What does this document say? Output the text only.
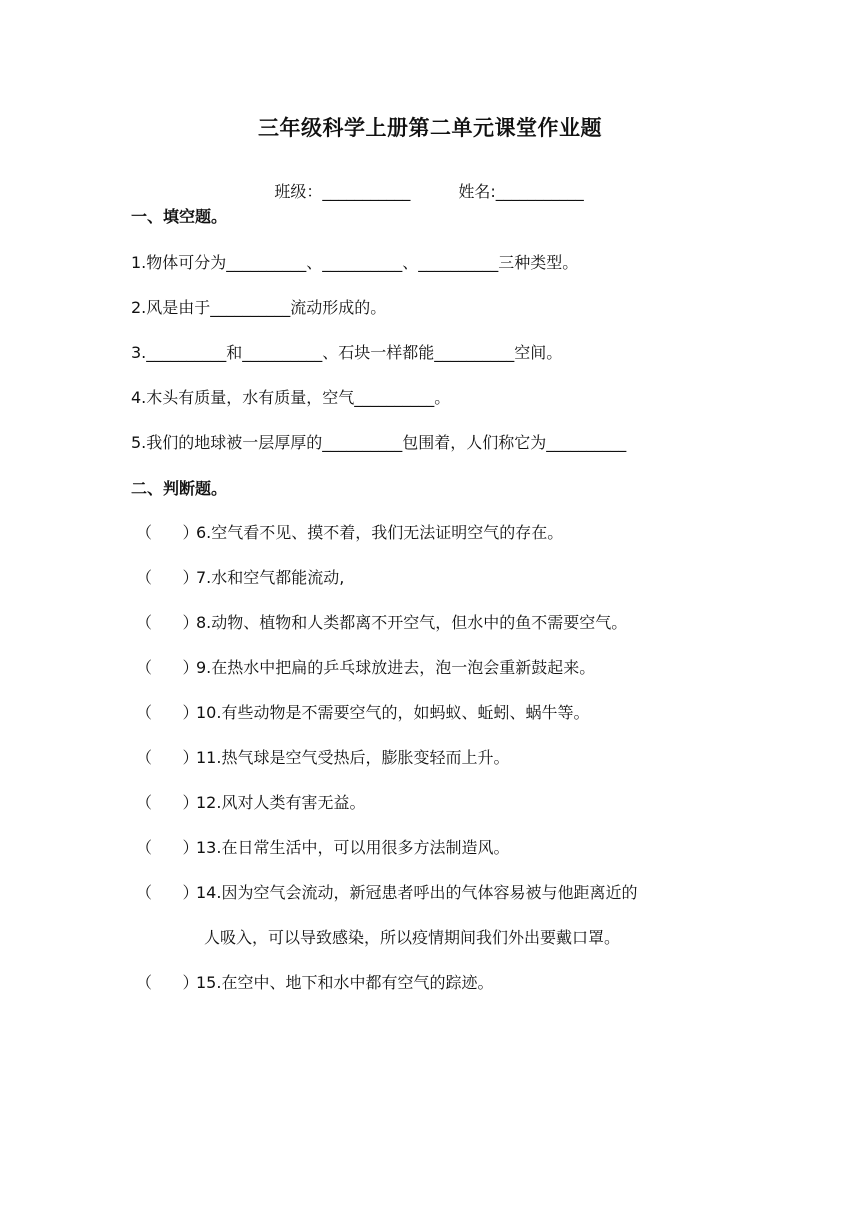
三年级科学上册第二单元课堂作业题

班级：___________	姓名:___________

一、填空题。
1.物体可分为__________、__________、__________三种类型。
2.风是由于__________流动形成的。
3.__________和__________、石块一样都能__________空间。
4.木头有质量，水有质量，空气__________。
5.我们的地球被一层厚厚的__________包围着，人们称它为__________
二、判断题。
（      ）
6.空气看不见、摸不着，我们无法证明空气的存在。
（      ）
7.水和空气都能流动,
（      ）
8.动物、植物和人类都离不开空气，但水中的鱼不需要空气。
（      ）
9.在热水中把扁的乒乓球放进去，泡一泡会重新鼓起来。
（      ）
10.有些动物是不需要空气的，如蚂蚁、蚯蚓、蜗牛等。
（      ）
11.热气球是空气受热后，膨胀变轻而上升。
（      ）
12.风对人类有害无益。
（      ）
13.在日常生活中，可以用很多方法制造风。
（      ）
14.因为空气会流动，新冠患者呼出的气体容易被与他距离近的
人吸入，可以导致感染，所以疫情期间我们外出要戴口罩。
（      ）
15.在空中、地下和水中都有空气的踪迹。
